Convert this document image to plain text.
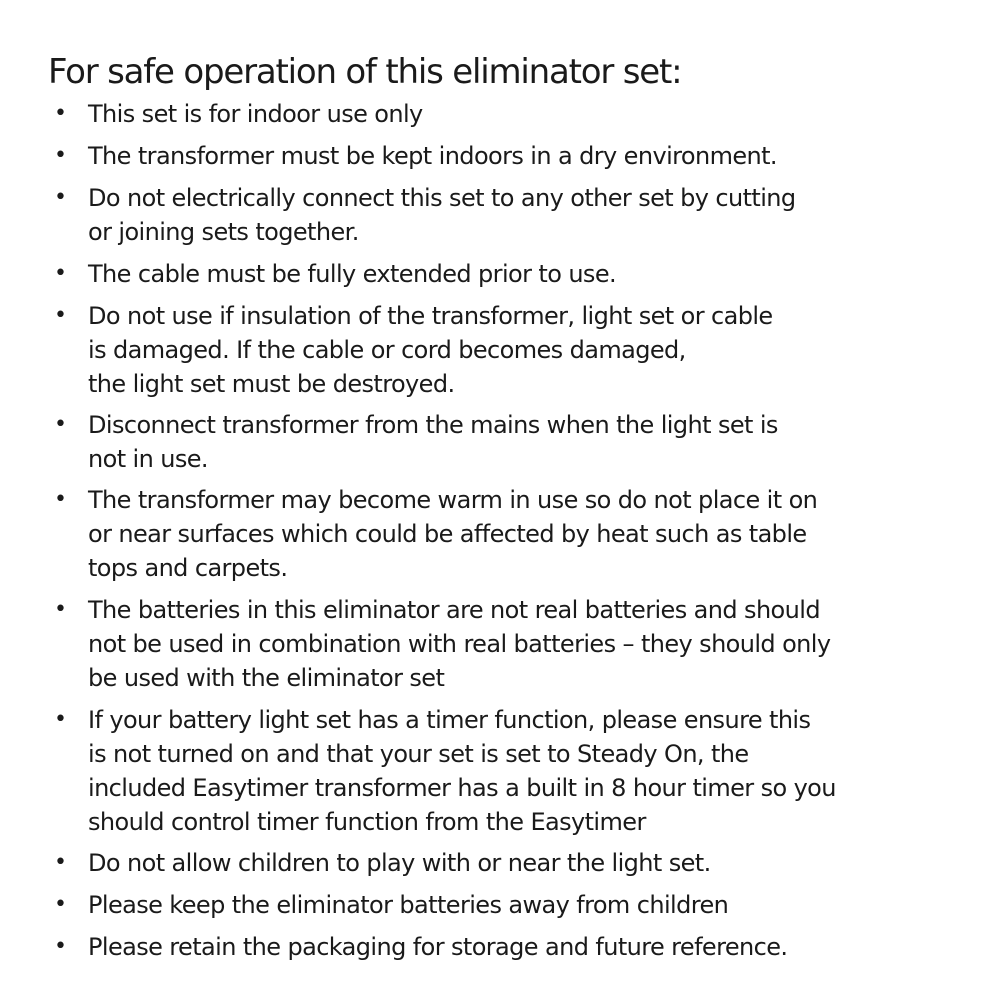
For safe operation of this eliminator set:
• This set is for indoor use only
• The transformer must be kept indoors in a dry environment.
• Do not electrically connect this set to any other set by cutting
or joining sets together.
• The cable must be fully extended prior to use.
• Do not use if insulation of the transformer, light set or cable
is damaged. If the cable or cord becomes damaged,
the light set must be destroyed.
• Disconnect transformer from the mains when the light set is
not in use.
• The transformer may become warm in use so do not place it on
or near surfaces which could be affected by heat such as table
tops and carpets.
• The batteries in this eliminator are not real batteries and should
not be used in combination with real batteries – they should only
be used with the eliminator set
• If your battery light set has a timer function, please ensure this
is not turned on and that your set is set to Steady On, the
included Easytimer transformer has a built in 8 hour timer so you
should control timer function from the Easytimer
• Do not allow children to play with or near the light set.
• Please keep the eliminator batteries away from children
• Please retain the packaging for storage and future reference.
